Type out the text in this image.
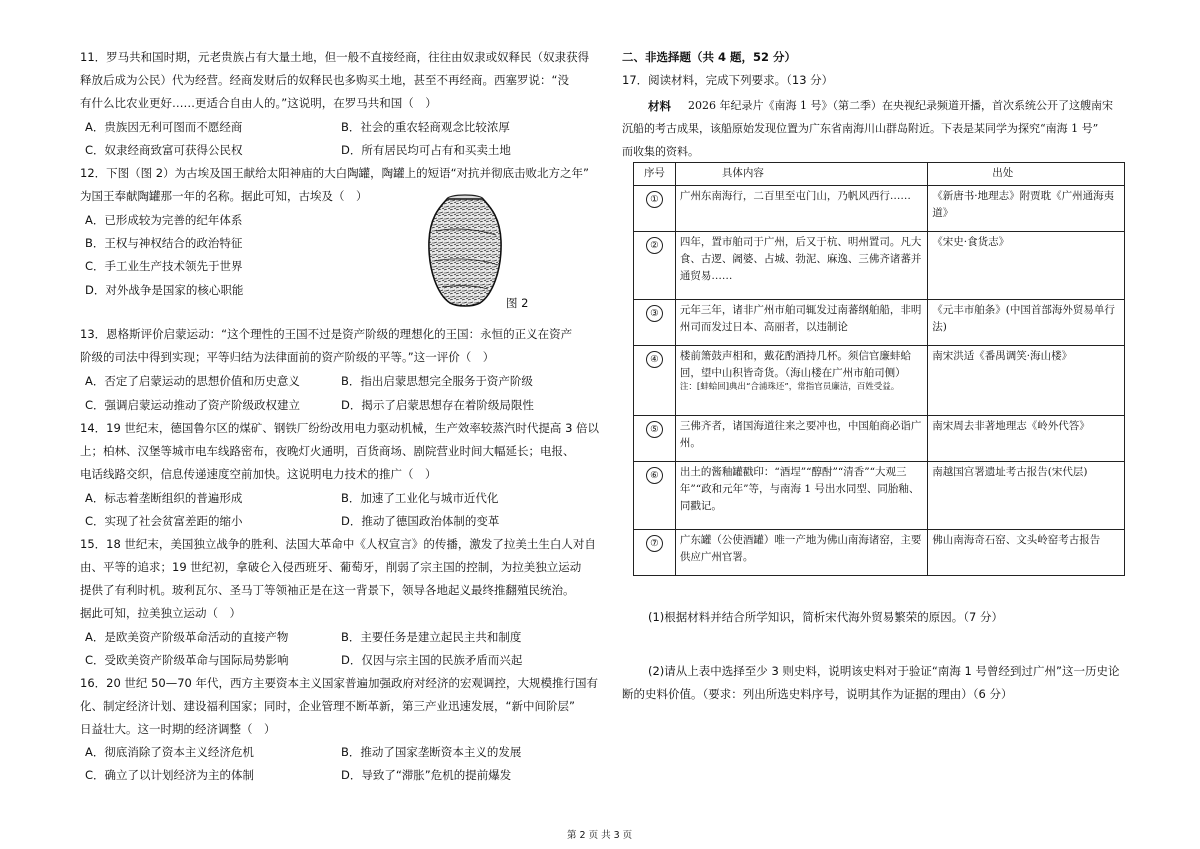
11．罗马共和国时期，元老贵族占有大量土地，但一般不直接经商，往往由奴隶或奴释民（奴隶获得
释放后成为公民）代为经营。经商发财后的奴释民也多购买土地，甚至不再经商。西塞罗说：“没
有什么比农业更好……更适合自由人的。”这说明，在罗马共和国（　）
A．贵族因无利可图而不愿经商	B．社会的重农轻商观念比较浓厚
C．奴隶经商致富可获得公民权	D．所有居民均可占有和买卖土地
12．下图（图 2）为古埃及国王献给太阳神庙的大白陶罐，陶罐上的短语“对抗并彻底击败北方之年”
为国王奉献陶罐那一年的名称。据此可知，古埃及（　）
A．已形成较为完善的纪年体系
B．王权与神权结合的政治特征
C．手工业生产技术领先于世界
D．对外战争是国家的核心职能
13．恩格斯评价启蒙运动：“这个理性的王国不过是资产阶级的理想化的王国：永恒的正义在资产
阶级的司法中得到实现；平等归结为法律面前的资产阶级的平等。”这一评价（　）
A．否定了启蒙运动的思想价值和历史意义	B．指出启蒙思想完全服务于资产阶级
C．强调启蒙运动推动了资产阶级政权建立	D．揭示了启蒙思想存在着阶级局限性
14．19 世纪末，德国鲁尔区的煤矿、钢铁厂纷纷改用电力驱动机械，生产效率较蒸汽时代提高 3 倍以
上；柏林、汉堡等城市电车线路密布，夜晚灯火通明，百货商场、剧院营业时间大幅延长；电报、
电话线路交织，信息传递速度空前加快。这说明电力技术的推广（　）
A．标志着垄断组织的普遍形成	B．加速了工业化与城市近代化
C．实现了社会贫富差距的缩小	D．推动了德国政治体制的变革
15．18 世纪末，美国独立战争的胜利、法国大革命中《人权宣言》的传播，激发了拉美土生白人对自
由、平等的追求；19 世纪初，拿破仑入侵西班牙、葡萄牙，削弱了宗主国的控制，为拉美独立运动
提供了有利时机。玻利瓦尔、圣马丁等领袖正是在这一背景下，领导各地起义最终推翻殖民统治。
据此可知，拉美独立运动（　）
A．是欧美资产阶级革命活动的直接产物	B．主要任务是建立起民主共和制度
C．受欧美资产阶级革命与国际局势影响	D．仅因与宗主国的民族矛盾而兴起
16．20 世纪 50—70 年代，西方主要资本主义国家普遍加强政府对经济的宏观调控，大规模推行国有
化、制定经济计划、建设福利国家；同时，企业管理不断革新，第三产业迅速发展，“新中间阶层”
日益壮大。这一时期的经济调整（　）
A．彻底消除了资本主义经济危机	B．推动了国家垄断资本主义的发展
C．确立了以计划经济为主的体制	D．导致了“滞胀”危机的提前爆发
图 2
二、非选择题（共 4 题，52 分）
17．阅读材料，完成下列要求。（13 分）
材料 2026 年纪录片《南海 1 号》（第二季）在央视纪录频道开播，首次系统公开了这艘南宋
沉船的考古成果，该船原始发现位置为广东省南海川山群岛附近。下表是某同学为探究“南海 1 号”
而收集的资料。
序号	具体内容	出处
①	广州东南海行，二百里至屯门山，乃帆风西行……	《新唐书·地理志》附贾耽《广州通海夷道》
②	四年，置市舶司于广州，后又于杭、明州置司。凡大食、古逻、阇婆、占城、勃泥、麻逸、三佛齐诸蕃并通贸易……	《宋史·食货志》
③	元年三年，诸非广州市舶司辄发过南蕃纲舶船，非明州司而发过日本、高丽者，以违制论	《元丰市舶条》(中国首部海外贸易单行法)
④	楼前箫鼓声相和，戴花酌酒持几杯。须信官廉蚌蛤回，望中山积皆奇货。（海山楼在广州市舶司侧）
注：[蚌蛤回]典出“合浦珠还”，常指官员廉洁，百姓受益。	南宋洪适《番禺调笑·海山楼》
⑤	三佛齐者，诸国海道往来之要冲也，中国舶商必诣广州。	南宋周去非著地理志《岭外代答》
⑥	出土的酱釉罐戳印：“酒埕”“醇酎”“清香”“大观三年”“政和元年”等，与南海 1 号出水同型、同胎釉、同戳记。	南越国宫署遗址考古报告(宋代层)
⑦	广东罐（公使酒罐）唯一产地为佛山南海诸窑，主要供应广州官署。	佛山南海奇石窑、文头岭窑考古报告
(1)根据材料并结合所学知识，简析宋代海外贸易繁荣的原因。（7 分）
(2)请从上表中选择至少 3 则史料，说明该史料对于验证“南海 1 号曾经到过广州”这一历史论
断的史料价值。（要求：列出所选史料序号，说明其作为证据的理由）（6 分）
第 2 页 共 3 页
